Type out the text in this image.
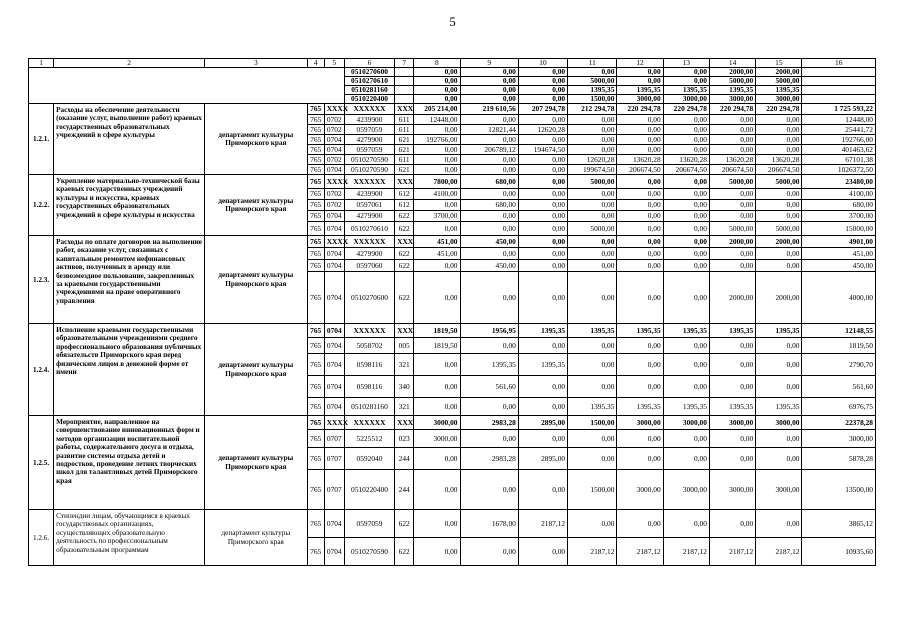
5
1	2	3	4	5	6	7	8	9	10	11	12	13	14	15	16
					0510270600		0,00	0,00	0,00	0,00	0,00	0,00	2000,00	2000,00	
					0510270610		0,00	0,00	0,00	5000,00	0,00	0,00	5000,00	5000,00	
					0510281160		0,00	0,00	0,00	1395,35	1395,35	1395,35	1395,35	1395,35	
					0510220400		0,00	0,00	0,00	1500,00	3000,00	3000,00	3000,00	3000,00	
1.2.1.	Расходы на обеспечение деятельности (оказание услуг, выполнение работ) краевых государственных образовательных учреждений в сфере культуры	департамент культуры Приморского края	765	XXXX	XXXXXX	XXX	205 214,00	219 610,56	207 294,78	212 294,78	220 294,78	220 294,78	220 294,78	220 294,78	1 725 593,22
			765	0702	4239900	611	12448,00	0,00	0,00	0,00	0,00	0,00	0,00	0,00	12448,00
			765	0702	0597059	611	0,00	12821,44	12620,28	0,00	0,00	0,00	0,00	0,00	25441,72
			765	0704	4279900	621	192766,00	0,00	0,00	0,00	0,00	0,00	0,00	0,00	192766,00
			765	0704	0597059	621	0,00	206789,12	194674,50	0,00	0,00	0,00	0,00	0,00	401463,62
			765	0702	0510270590	611	0,00	0,00	0,00	12620,28	13620,28	13620,28	13620,28	13620,28	67101,38
			765	0704	0510270590	621	0,00	0,00	0,00	199674,50	206674,50	206674,50	206674,50	206674,50	1026372,50
1.2.2.	Укрепление материально-технической базы краевых государственных учреждений культуры и искусства, краевых государственных образовательных учреждений в сфере культуры и искусства	департамент культуры Приморского края	765	XXXX	XXXXXX	XXX	7800,00	680,00	0,00	5000,00	0,00	0,00	5000,00	5000,00	23480,00
			765	0702	4239900	612	4100,00	0,00	0,00	0,00	0,00	0,00	0,00	0,00	4100,00
			765	0702	0597061	612	0,00	680,00	0,00	0,00	0,00	0,00	0,00	0,00	680,00
			765	0704	4279900	622	3700,00	0,00	0,00	0,00	0,00	0,00	0,00	0,00	3700,00
			765	0704	0510270610	622	0,00	0,00	0,00	5000,00	0,00	0,00	5000,00	5000,00	15000,00
1.2.3.	Расходы по оплате договоров на выполнение работ, оказание услуг, связанных с капитальным ремонтом нефинансовых активов, полученных в аренду или безвозмездное пользование, закрепленных за краевыми государственными учреждениями на праве оперативного управления	департамент культуры Приморского края	765	XXXX	XXXXXX	XXX	451,00	450,00	0,00	0,00	0,00	0,00	2000,00	2000,00	4901,00
			765	0704	4279900	622	451,00	0,00	0,00	0,00	0,00	0,00	0,00	0,00	451,00
			765	0704	0597060	622	0,00	450,00	0,00	0,00	0,00	0,00	0,00	0,00	450,00
			765	0704	0510270600	622	0,00	0,00	0,00	0,00	0,00	0,00	2000,00	2000,00	4000,00
1.2.4.	Исполнение краевыми государственными образовательными учреждениями среднего профессионального образования публичных обязательств Приморского края перед физическим лицом в денежной форме от имени	департамент культуры Приморского края	765	0704	XXXXXX	XXX	1819,50	1956,95	1395,35	1395,35	1395,35	1395,35	1395,35	1395,35	12148,55
			765	0704	5058702	005	1819,50	0,00	0,00	0,00	0,00	0,00	0,00	0,00	1819,50
			765	0704	0598116	321	0,00	1395,35	1395,35	0,00	0,00	0,00	0,00	0,00	2790,70
			765	0704	0598116	340	0,00	561,60	0,00	0,00	0,00	0,00	0,00	0,00	561,60
			765	0704	0510281160	321	0,00	0,00	0,00	1395,35	1395,35	1395,35	1395,35	1395,35	6976,75
1.2.5.	Мероприятие, направленное на совершенствование инновационных форм и методов организации воспитательной работы, содержательного досуга и отдыха, развитие системы отдыха детей и подростков, проведение летних творческих школ для талантливых детей Приморского края	департамент культуры Приморского края	765	XXXX	XXXXXX	XXX	3000,00	2983,28	2895,00	1500,00	3000,00	3000,00	3000,00	3000,00	22378,28
			765	0707	5225512	023	3000,00	0,00	0,00	0,00	0,00	0,00	0,00	0,00	3000,00
			765	0707	0592040	244	0,00	2983,28	2895,00	0,00	0,00	0,00	0,00	0,00	5878,28
			765	0707	0510220400	244	0,00	0,00	0,00	1500,00	3000,00	3000,00	3000,00	3000,00	13500,00
1.2.6.	Стипендии лицам, обучающимся в краевых государственных организациях, осуществляющих образовательную деятельность по профессиональным образовательным программам	департамент культуры Приморского края	765	0704	0597059	622	0,00	1678,00	2187,12	0,00	0,00	0,00	0,00	0,00	3865,12
			765	0704	0510270590	622	0,00	0,00	0,00	2187,12	2187,12	2187,12	2187,12	2187,12	10935,60
